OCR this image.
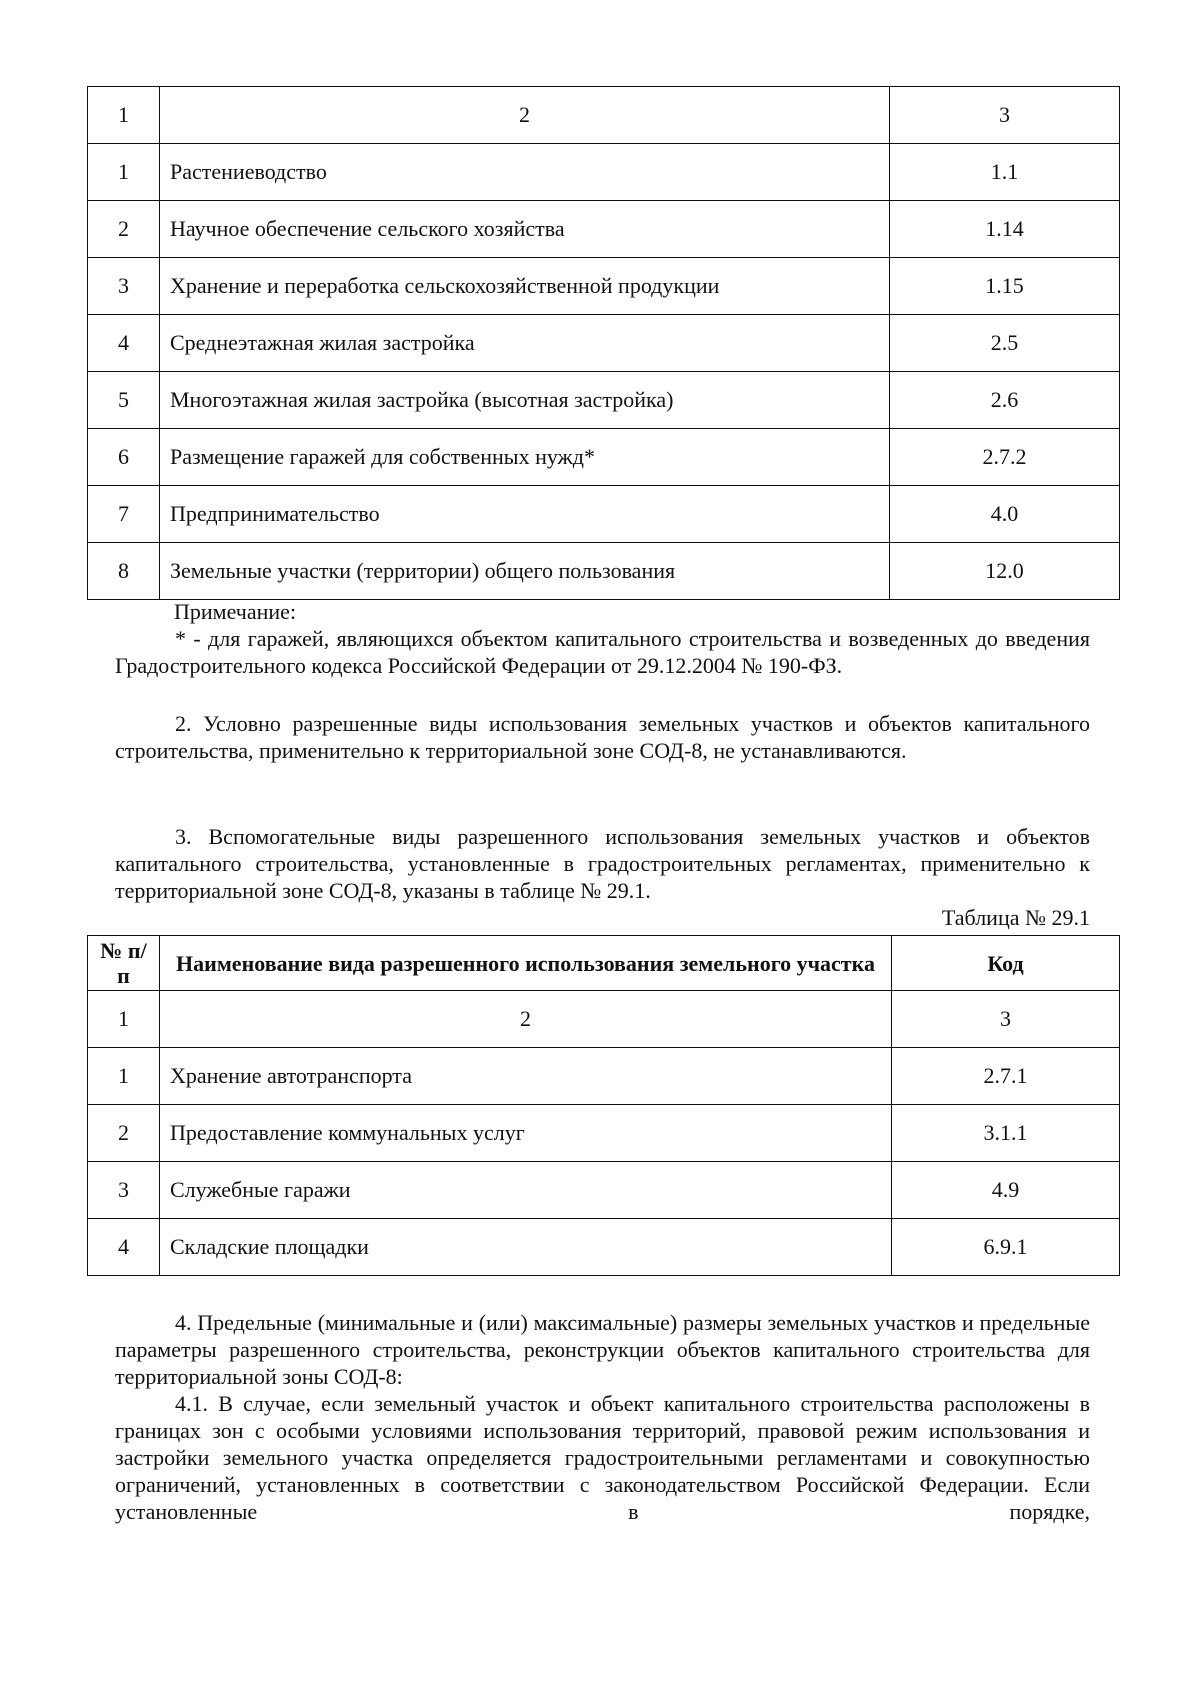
1	2	3
1	Растениеводство	1.1
2	Научное обеспечение сельского хозяйства	1.14
3	Хранение и переработка сельскохозяйственной продукции	1.15
4	Среднеэтажная жилая застройка	2.5
5	Многоэтажная жилая застройка (высотная застройка)	2.6
6	Размещение гаражей для собственных нужд*	2.7.2
7	Предпринимательство	4.0
8	Земельные участки (территории) общего пользования	12.0
Примечание:
* - для гаражей, являющихся объектом капитального строительства и возведенных до введения Градостроительного кодекса Российской Федерации от 29.12.2004 № 190-ФЗ.
2. Условно разрешенные виды использования земельных участков и объектов капитального строительства, применительно к территориальной зоне СОД-8, не устанавливаются.
3. Вспомогательные виды разрешенного использования земельных участков и объектов капитального строительства, установленные в градостроительных регламентах, применительно к территориальной зоне СОД-8, указаны в таблице № 29.1.
Таблица № 29.1
№ п/п	Наименование вида разрешенного использования земельного участка	Код
1	2	3
1	Хранение автотранспорта	2.7.1
2	Предоставление коммунальных услуг	3.1.1
3	Служебные гаражи	4.9
4	Складские площадки	6.9.1
4. Предельные (минимальные и (или) максимальные) размеры земельных участков и предельные параметры разрешенного строительства, реконструкции объектов капитального строительства для территориальной зоны СОД-8:
4.1. В случае, если земельный участок и объект капитального строительства расположены в границах зон с особыми условиями использования территорий, правовой режим использования и застройки земельного участка определяется градостроительными регламентами и совокупностью ограничений, установленных в соответствии с законодательством Российской Федерации. Если установленные в порядке,
